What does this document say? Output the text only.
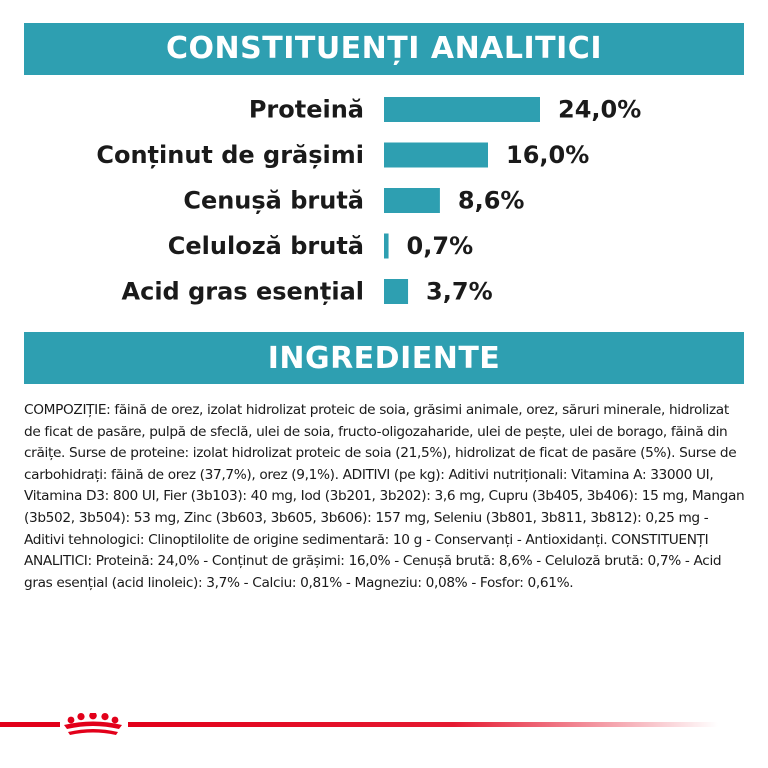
CONSTITUENȚI ANALITICI
Proteină	24,0%
Conținut de grășimi	16,0%
Cenușă brută	8,6%
Celuloză brută 0,7%
Acid gras esențial	3,7%
INGREDIENTE
COMPOZIȚIE: făină de orez, izolat hidrolizat proteic de soia, grăsimi animale, orez, săruri minerale, hidrolizat de ficat de pasăre, pulpă de sfeclă, ulei de soia, fructo-oligozaharide, ulei de pește, ulei de borago, făină din crăițe. Surse de proteine: izolat hidrolizat proteic de soia (21,5%), hidrolizat de ficat de pasăre (5%). Surse de carbohidrați: făină de orez (37,7%), orez (9,1%). ADITIVI (pe kg): Aditivi nutriționali: Vitamina A: 33000 UI, Vitamina D3: 800 UI, Fier (3b103): 40 mg, Iod (3b201, 3b202): 3,6 mg, Cupru (3b405, 3b406): 15 mg, Mangan (3b502, 3b504): 53 mg, Zinc (3b603, 3b605, 3b606): 157 mg, Seleniu (3b801, 3b811, 3b812): 0,25 mg - Aditivi tehnologici: Clinoptilolite de origine sedimentară: 10 g - Conservanți - Antioxidanți. CONSTITUENȚI ANALITICI: Proteină: 24,0% - Conținut de grășimi: 16,0% - Cenușă brută: 8,6% - Celuloză brută: 0,7% - Acid gras esențial (acid linoleic): 3,7% - Calciu: 0,81% - Magneziu: 0,08% - Fosfor: 0,61%.
